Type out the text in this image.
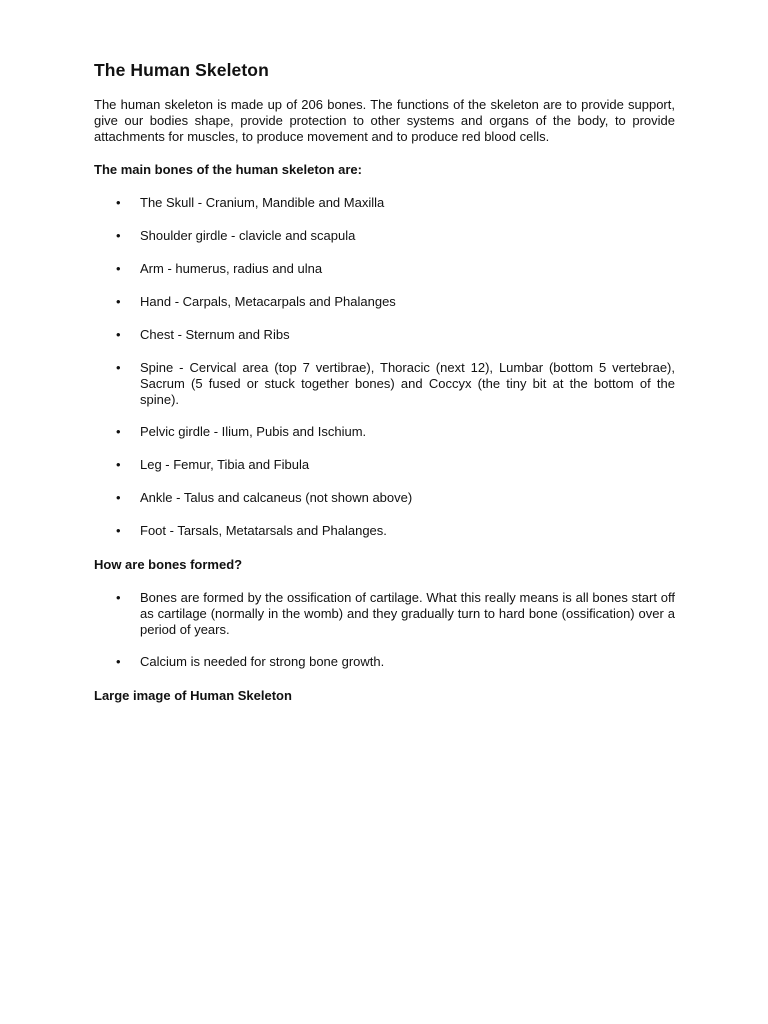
The Human Skeleton

The human skeleton is made up of 206 bones. The functions of the skeleton are to provide support, give our bodies shape, provide protection to other systems and organs of the body, to provide attachments for muscles, to produce movement and to produce red blood cells.

The main bones of the human skeleton are:

• The Skull - Cranium, Mandible and Maxilla

• Shoulder girdle - clavicle and scapula

• Arm - humerus, radius and ulna

• Hand - Carpals, Metacarpals and Phalanges

• Chest - Sternum and Ribs

• Spine - Cervical area (top 7 vertibrae), Thoracic (next 12), Lumbar (bottom 5 vertebrae), Sacrum (5 fused or stuck together bones) and Coccyx (the tiny bit at the bottom of the spine).

• Pelvic girdle - Ilium, Pubis and Ischium.

• Leg - Femur, Tibia and Fibula

• Ankle - Talus and calcaneus (not shown above)

• Foot - Tarsals, Metatarsals and Phalanges.

How are bones formed?

• Bones are formed by the ossification of cartilage. What this really means is all bones start off as cartilage (normally in the womb) and they gradually turn to hard bone (ossification) over a period of years.

• Calcium is needed for strong bone growth.

Large image of Human Skeleton
